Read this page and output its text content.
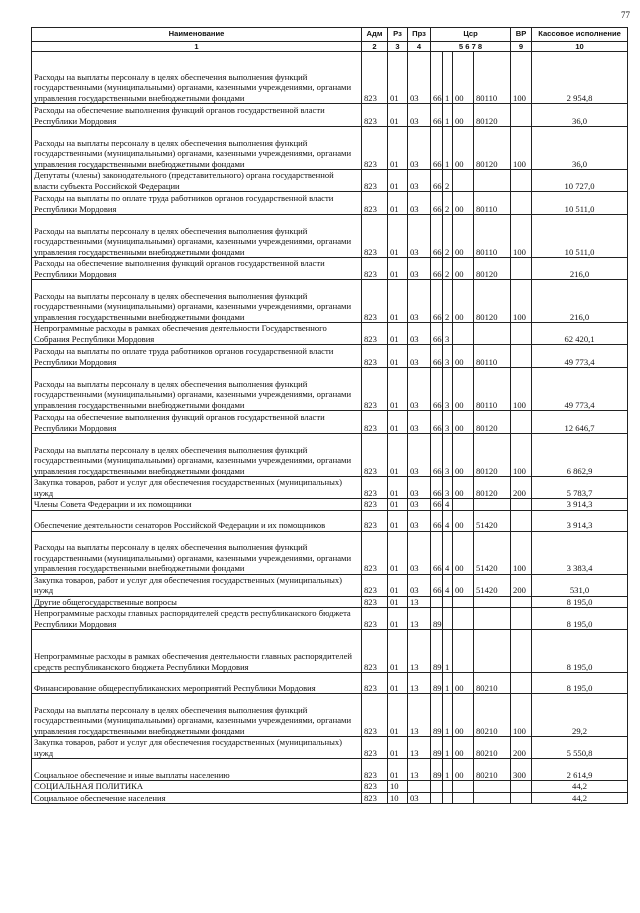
77
Наименование	Адм	Рз	Прз	Цср				ВР	Кассовое исполнение
1	2	3	4	5 6 7 8				9	10
Расходы на выплаты персоналу в целях обеспечения выполнения функций государственными (муниципальными) органами, казенными учреждениями, органами управления государственными внебюджетными фондами	823	01	03	66	1	00	80110	100	2 954,8
Расходы на обеспечение выполнения функций органов государственной власти Республики Мордовия	823	01	03	66	1	00	80120		36,0
Расходы на выплаты персоналу в целях обеспечения выполнения функций государственными (муниципальными) органами, казенными учреждениями, органами управления государственными внебюджетными фондами	823	01	03	66	1	00	80120	100	36,0
Депутаты (члены) законодательного (представительного) органа государственной власти субъекта Российской Федерации	823	01	03	66	2				10 727,0
Расходы на выплаты по оплате труда работников органов государственной власти Республики Мордовия	823	01	03	66	2	00	80110		10 511,0
Расходы на выплаты персоналу в целях обеспечения выполнения функций государственными (муниципальными) органами, казенными учреждениями, органами управления государственными внебюджетными фондами	823	01	03	66	2	00	80110	100	10 511,0
Расходы на обеспечение выполнения функций органов государственной власти Республики Мордовия	823	01	03	66	2	00	80120		216,0
Расходы на выплаты персоналу в целях обеспечения выполнения функций государственными (муниципальными) органами, казенными учреждениями, органами управления государственными внебюджетными фондами	823	01	03	66	2	00	80120	100	216,0
Непрограммные расходы в рамках обеспечения деятельности Государственного Собрания Республики Мордовия	823	01	03	66	3				62 420,1
Расходы на выплаты по оплате труда работников органов государственной власти Республики Мордовия	823	01	03	66	3	00	80110		49 773,4
Расходы на выплаты персоналу в целях обеспечения выполнения функций государственными (муниципальными) органами, казенными учреждениями, органами управления государственными внебюджетными фондами	823	01	03	66	3	00	80110	100	49 773,4
Расходы на обеспечение выполнения функций органов государственной власти Республики Мордовия	823	01	03	66	3	00	80120		12 646,7
Расходы на выплаты персоналу в целях обеспечения выполнения функций государственными (муниципальными) органами, казенными учреждениями, органами управления государственными внебюджетными фондами	823	01	03	66	3	00	80120	100	6 862,9
Закупка товаров, работ и услуг для обеспечения государственных (муниципальных) нужд	823	01	03	66	3	00	80120	200	5 783,7
Члены Совета Федерации и их помощники	823	01	03	66	4				3 914,3
Обеспечение деятельности сенаторов Российской Федерации и их помощников	823	01	03	66	4	00	51420		3 914,3
Расходы на выплаты персоналу в целях обеспечения выполнения функций государственными (муниципальными) органами, казенными учреждениями, органами управления государственными внебюджетными фондами	823	01	03	66	4	00	51420	100	3 383,4
Закупка товаров, работ и услуг для обеспечения государственных (муниципальных) нужд	823	01	03	66	4	00	51420	200	531,0
Другие общегосударственные вопросы	823	01	13						8 195,0
Непрограммные расходы главных распорядителей средств республиканского бюджета Республики Мордовия	823	01	13	89					8 195,0
Непрограммные расходы в рамках обеспечения деятельности главных распорядителей средств республиканского бюджета Республики Мордовия	823	01	13	89	1				8 195,0
Финансирование общереспубликанских мероприятий Республики Мордовия	823	01	13	89	1	00	80210		8 195,0
Расходы на выплаты персоналу в целях обеспечения выполнения функций государственными (муниципальными) органами, казенными учреждениями, органами управления государственными внебюджетными фондами	823	01	13	89	1	00	80210	100	29,2
Закупка товаров, работ и услуг для обеспечения государственных (муниципальных) нужд	823	01	13	89	1	00	80210	200	5 550,8
Социальное обеспечение и иные выплаты населению	823	01	13	89	1	00	80210	300	2 614,9
СОЦИАЛЬНАЯ ПОЛИТИКА	823	10							44,2
Социальное обеспечение населения	823	10	03						44,2
